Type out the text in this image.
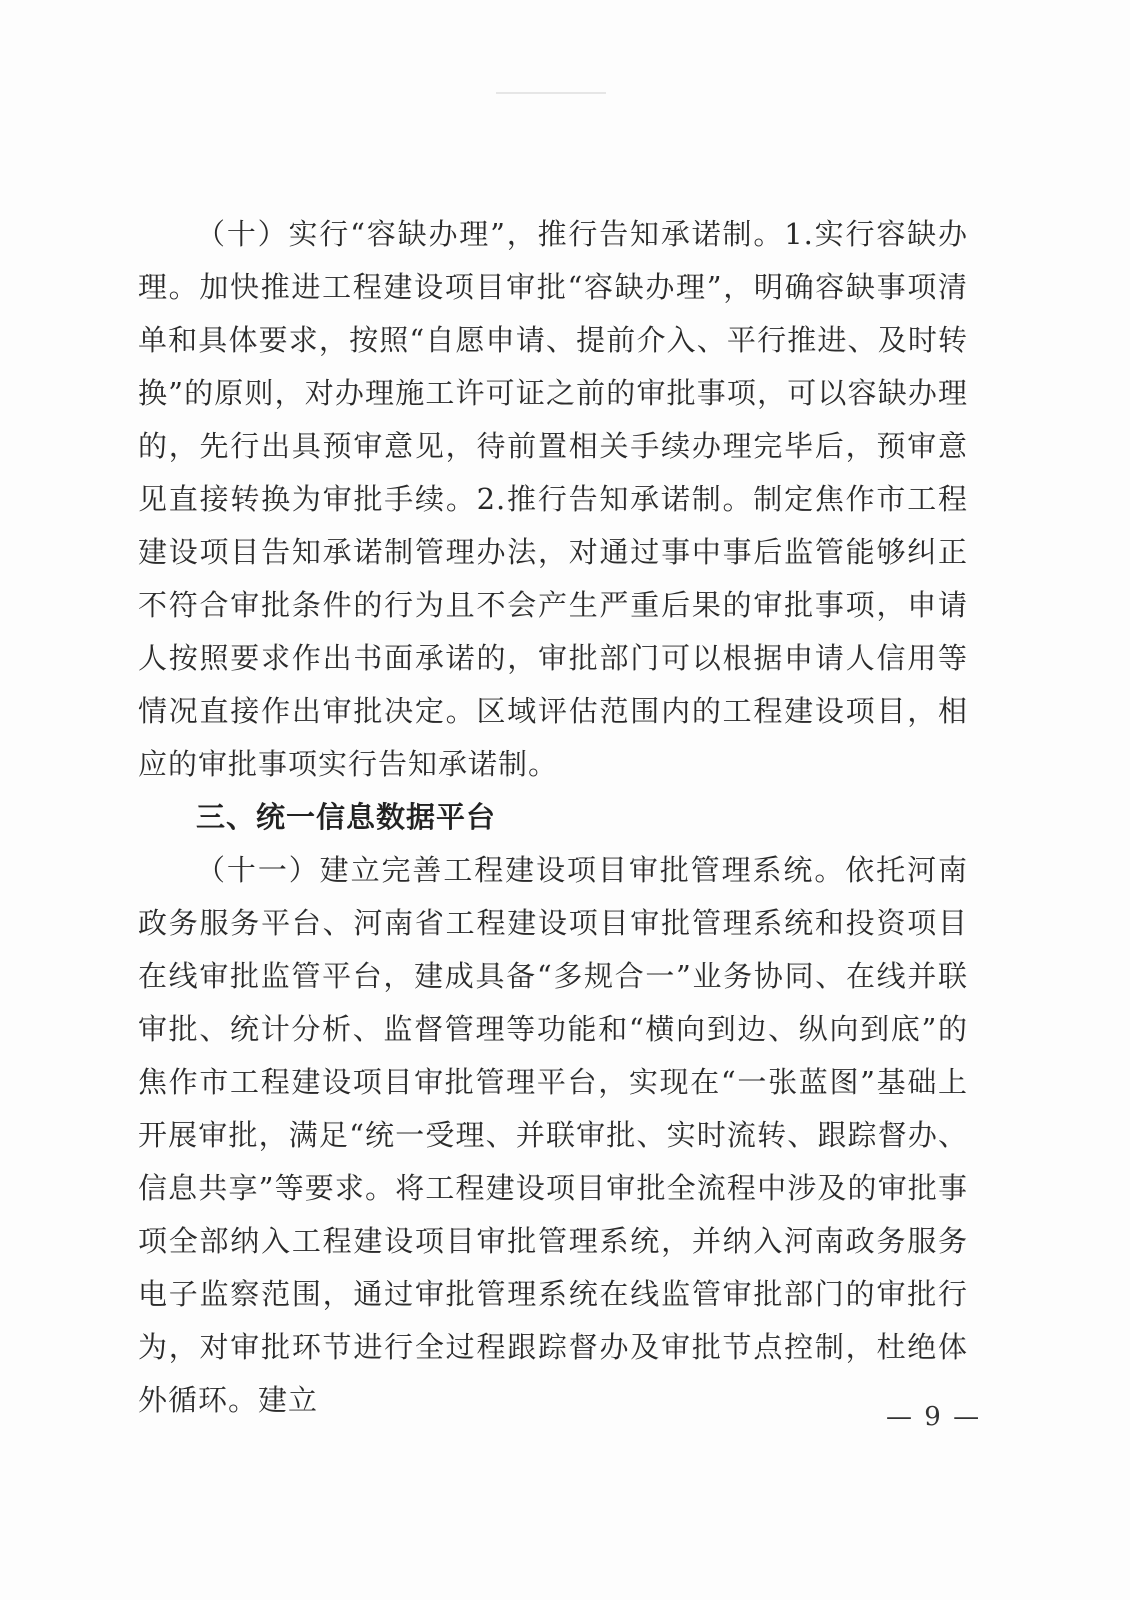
（十）实行“容缺办理”，推行告知承诺制。1.实行容缺办理。加快推进工程建设项目审批“容缺办理”，明确容缺事项清单和具体要求，按照“自愿申请、提前介入、平行推进、及时转换”的原则，对办理施工许可证之前的审批事项，可以容缺办理的，先行出具预审意见，待前置相关手续办理完毕后，预审意见直接转换为审批手续。2.推行告知承诺制。制定焦作市工程建设项目告知承诺制管理办法，对通过事中事后监管能够纠正不符合审批条件的行为且不会产生严重后果的审批事项，申请人按照要求作出书面承诺的，审批部门可以根据申请人信用等情况直接作出审批决定。区域评估范围内的工程建设项目，相应的审批事项实行告知承诺制。

三、统一信息数据平台

（十一）建立完善工程建设项目审批管理系统。依托河南政务服务平台、河南省工程建设项目审批管理系统和投资项目在线审批监管平台，建成具备“多规合一”业务协同、在线并联审批、统计分析、监督管理等功能和“横向到边、纵向到底”的焦作市工程建设项目审批管理平台，实现在“一张蓝图”基础上开展审批，满足“统一受理、并联审批、实时流转、跟踪督办、信息共享”等要求。将工程建设项目审批全流程中涉及的审批事项全部纳入工程建设项目审批管理系统，并纳入河南政务服务电子监察范围，通过审批管理系统在线监管审批部门的审批行为，对审批环节进行全过程跟踪督办及审批节点控制，杜绝体外循环。建立	— 9 —
